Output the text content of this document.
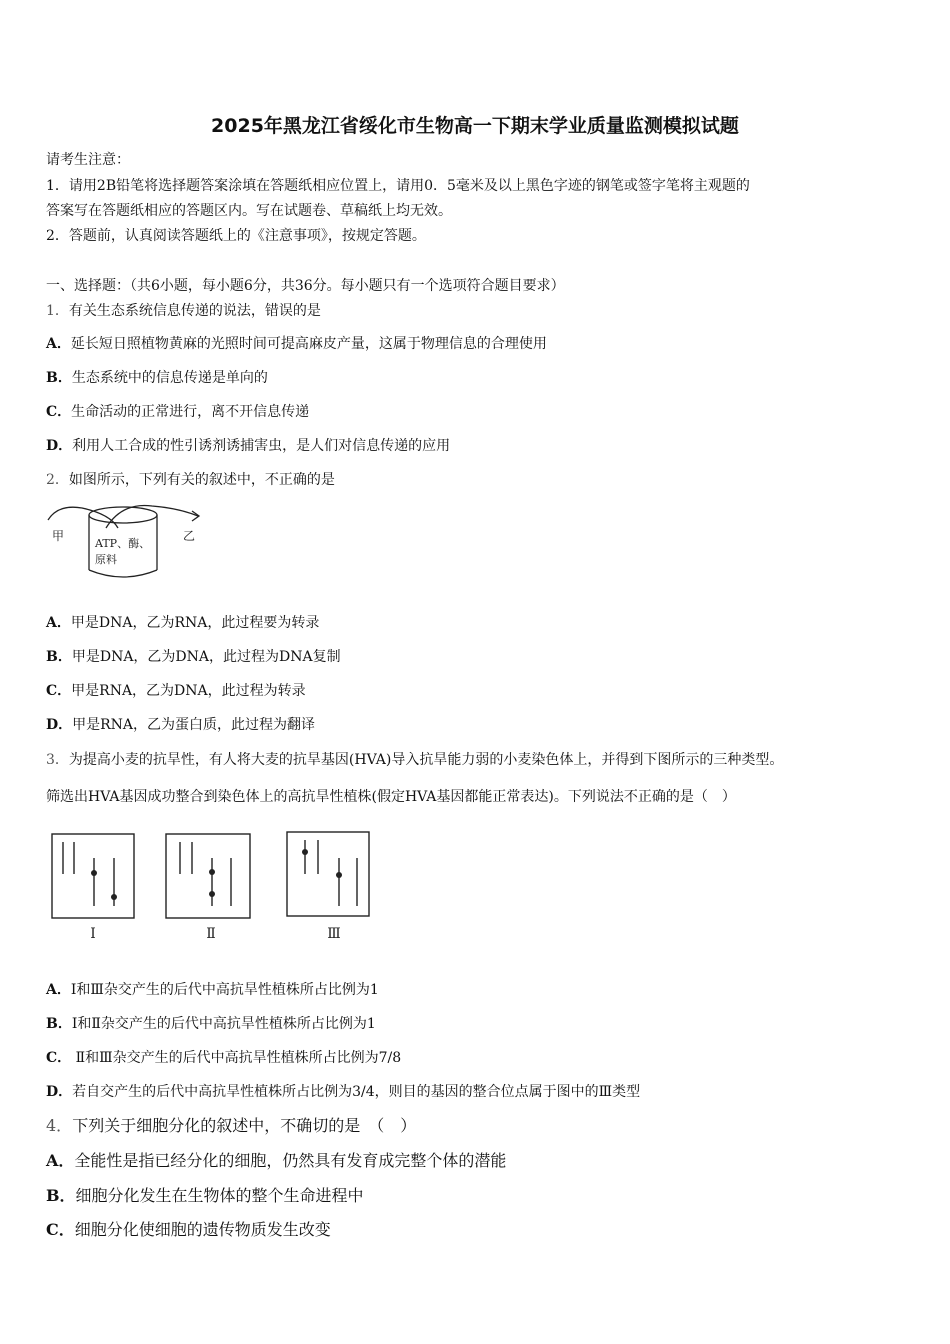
2025年黑龙江省绥化市生物高一下期末学业质量监测模拟试题
请考生注意：
1．请用2B铅笔将选择题答案涂填在答题纸相应位置上，请用0．5毫米及以上黑色字迹的钢笔或签字笔将主观题的
答案写在答题纸相应的答题区内。写在试题卷、草稿纸上均无效。
2．答题前，认真阅读答题纸上的《注意事项》，按规定答题。
一、选择题：（共6小题，每小题6分，共36分。每小题只有一个选项符合题目要求）
1．有关生态系统信息传递的说法，错误的是
A．延长短日照植物黄麻的光照时间可提高麻皮产量，这属于物理信息的合理使用
B．生态系统中的信息传递是单向的
C．生命活动的正常进行，离不开信息传递
D．利用人工合成的性引诱剂诱捕害虫，是人们对信息传递的应用
2．如图所示，下列有关的叙述中，不正确的是
甲	乙
ATP、酶、
原料
A．甲是DNA，乙为RNA，此过程要为转录
B．甲是DNA，乙为DNA，此过程为DNA复制
C．甲是RNA，乙为DNA，此过程为转录
D．甲是RNA，乙为蛋白质，此过程为翻译
3．为提高小麦的抗旱性，有人将大麦的抗旱基因(HVA)导入抗旱能力弱的小麦染色体上，并得到下图所示的三种类型。
筛选出HVA基因成功整合到染色体上的高抗旱性植株(假定HVA基因都能正常表达)。下列说法不正确的是（　）
Ⅰ	Ⅱ	Ⅲ
A．Ⅰ和Ⅲ杂交产生的后代中高抗旱性植株所占比例为1
B．Ⅰ和Ⅱ杂交产生的后代中高抗旱性植株所占比例为1
C． Ⅱ和Ⅲ杂交产生的后代中高抗旱性植株所占比例为7/8
D．若自交产生的后代中高抗旱性植株所占比例为3/4，则目的基因的整合位点属于图中的Ⅲ类型
4．下列关于细胞分化的叙述中，不确切的是　（　）
A．全能性是指已经分化的细胞，仍然具有发育成完整个体的潜能
B．细胞分化发生在生物体的整个生命进程中
C．细胞分化使细胞的遗传物质发生改变
